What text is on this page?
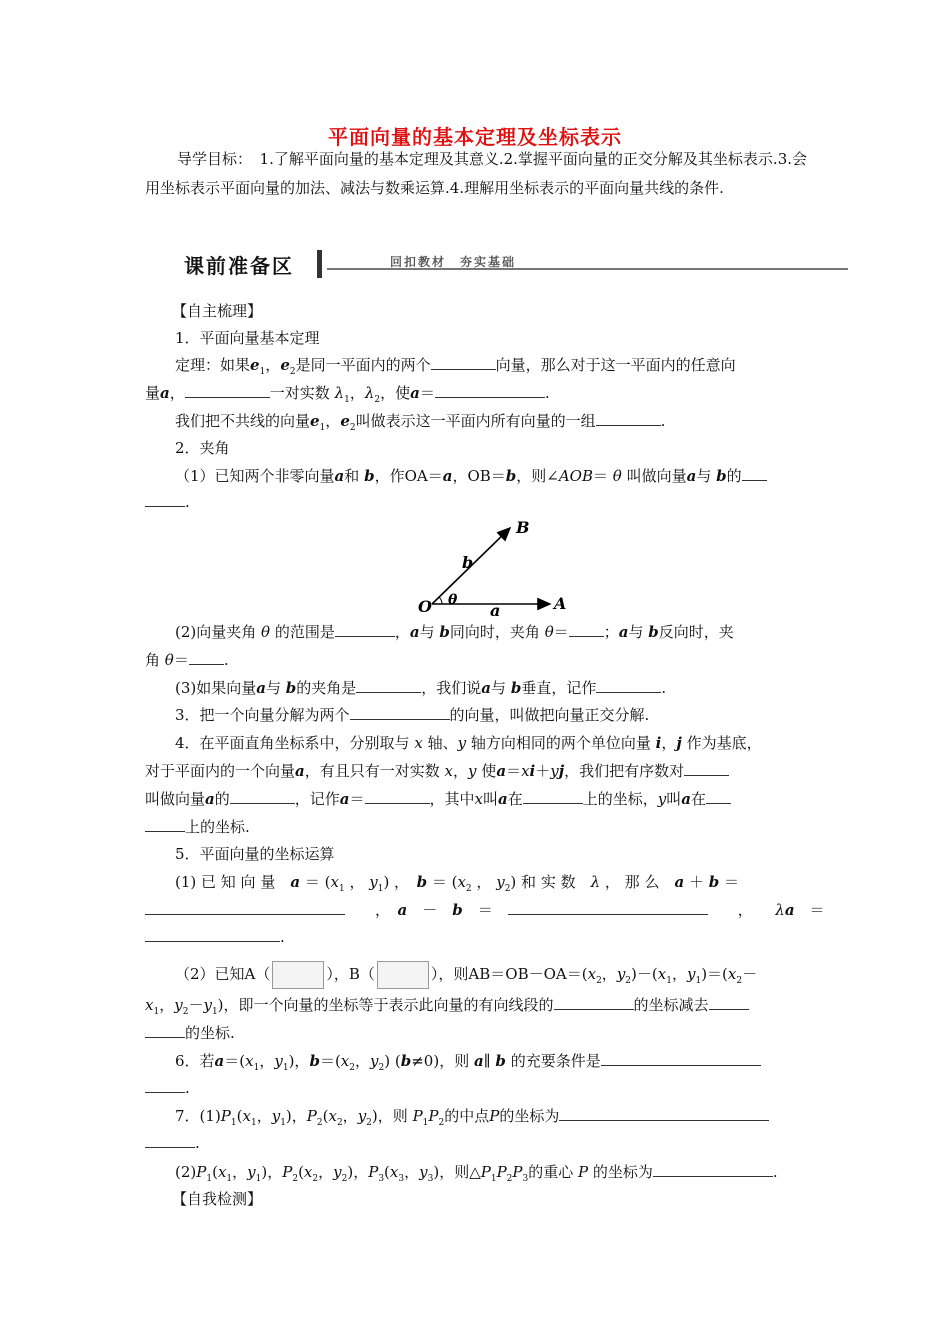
平面向量的基本定理及坐标表示
导学目标：　 1.了解平面向量的基本定理及其意义.2.掌握平面向量的正交分解及其坐标表示.3.会用坐标表示平面向量的加法、减法与数乘运算.4.理解用坐标表示的平面向量共线的条件.
课前准备区	回扣教材　夯实基础
【自主梳理】
1．平面向量基本定理
定理：如果$e_1$，$e_2$是同一平面内的两个	向量，那么对于这一平面内的任意向
量a，	一对实数 $\lambda_1$，$\lambda_2$，使a＝	.
我们把不共线的向量$e_1$，$e_2$叫做表示这一平面内所有向量的一组	.
2．夹角
（1）已知两个非零向量a和 b，作OA＝a，OB＝b，则∠AOB＝ θ 叫做向量a与 b的
.
B
b
O θ
a	A
(2)向量夹角 θ 的范围是	，a与 b同向时，夹角 θ＝ ；a与 b反向时，夹
角 θ＝ .
(3)如果向量a与 b的夹角是	，我们说a与 b垂直，记作	.
3．把一个向量分解为两个	的向量，叫做把向量正交分解.
4．在平面直角坐标系中，分别取与 x 轴、y 轴方向相同的两个单位向量 i，j 作为基底，
对于平面内的一个向量a，有且只有一对实数 x，y 使a＝xi＋yj，我们把有序数对
叫做向量a的	，记作a＝	，其中x叫a在	上的坐标，y叫a在
上的坐标.
5．平面向量的坐标运算
(1) 已 知 向 量　 $a = (x_1$ ， $y_1$) ，　$b = (x_2$ ， $y_2$) 和 实 数　 λ ， 那 么　 a ＋ b ＝
　　，　a　－　b　＝　	　　，　　λa　＝
.
（2）已知A（	），B（	），则$AB=OB-OA=(x_2$，$y_2)-(x_1$，$y_1)=(x_2-$
$x_1$，$y_2-y_1$)，即一个向量的坐标等于表示此向量的有向线段的	的坐标减去
的坐标.
6．若$a=(x_1$，$y_1$)，$b=(x_2$，$y_2$) (b≠0)，则 a∥ b 的充要条件是
.
7．$(1)P_1(x_1$，$y_1$)，$P_2(x_2$，$y_2$)，则 $P_1P_2$的中点P的坐标为
.
$(2)P_1(x_1$，$y_1$)，$P_2(x_2$，$y_2$)，$P_3(x_3$，$y_3$)，则$\triangle P_1P_2P_3$的重心 P 的坐标为	.
【自我检测】
